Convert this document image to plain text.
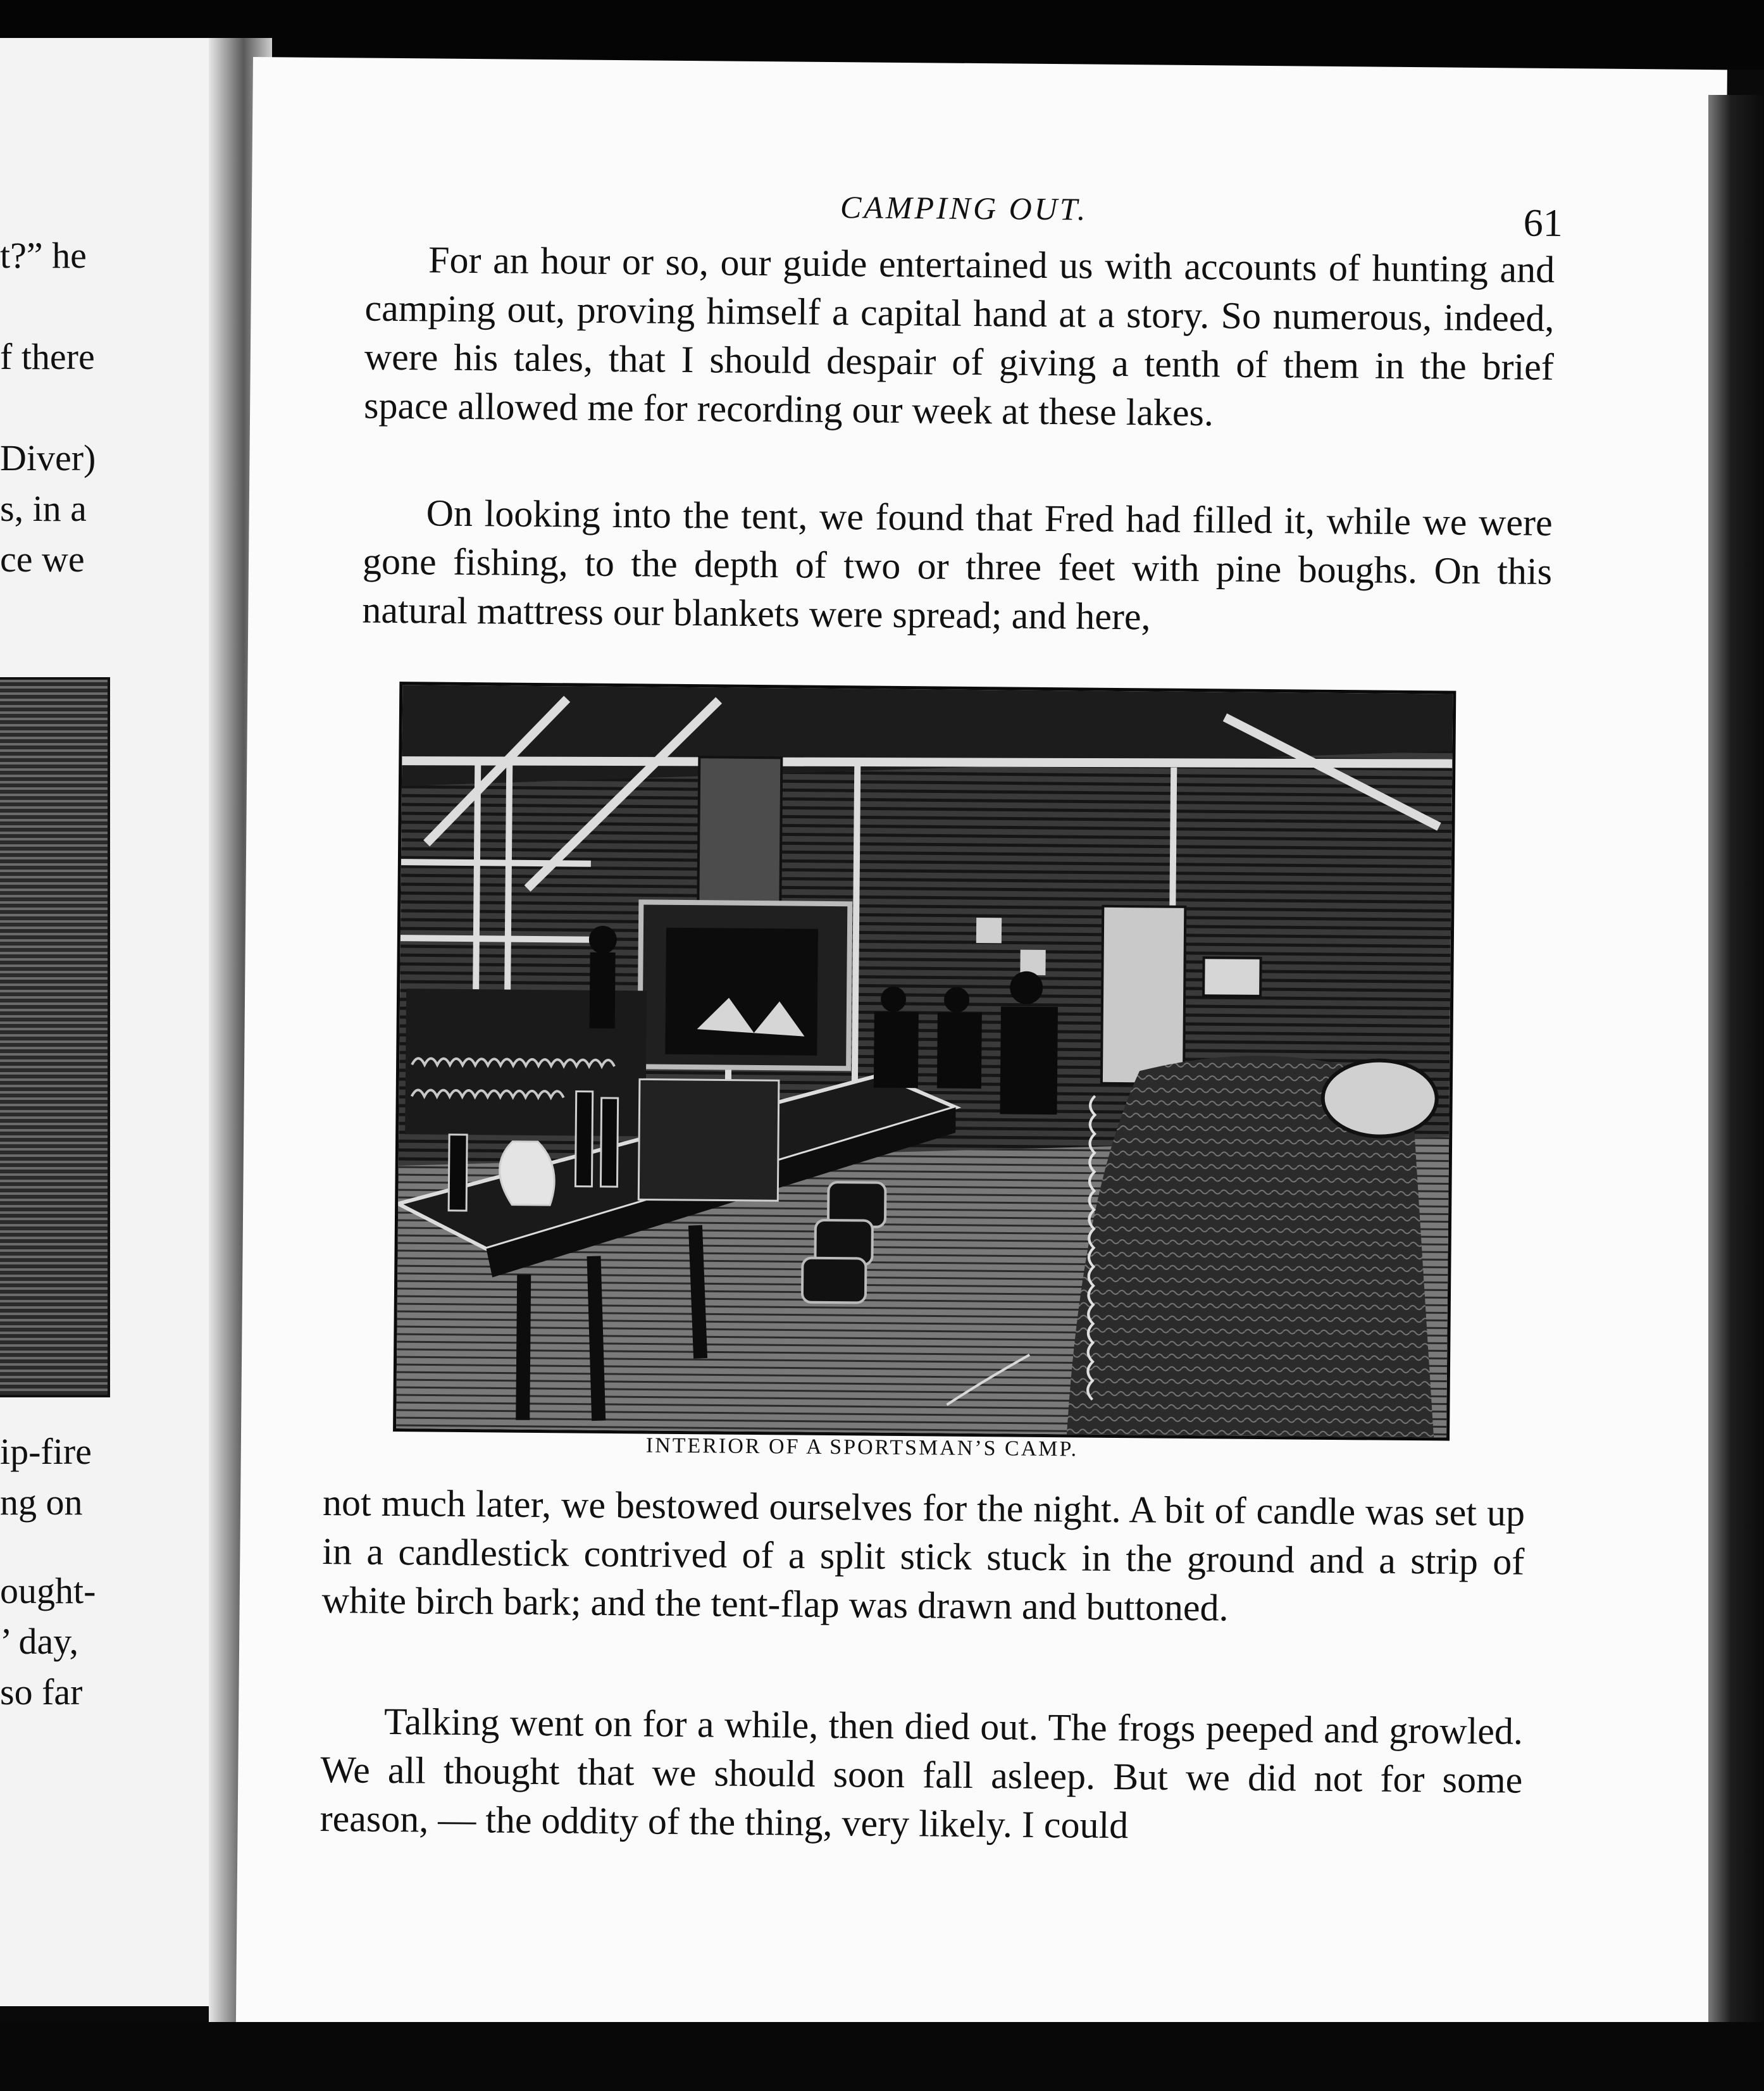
t?” he
f there
Diver)
s, in a
ce we
ip-fire
ng on
ought-
’ day,
so far
CAMPING OUT.	61

For an hour or so, our guide entertained us with accounts of hunting and camping out, proving himself a capital hand at a story. So numerous, indeed, were his tales, that I should despair of giving a tenth of them in the brief space allowed me for recording our week at these lakes.

On looking into the tent, we found that Fred had filled it, while we were gone fishing, to the depth of two or three feet with pine boughs. On this natural mattress our blankets were spread; and here,

INTERIOR OF A SPORTSMAN’S CAMP.

not much later, we bestowed ourselves for the night. A bit of candle was set up in a candlestick contrived of a split stick stuck in the ground and a strip of white birch bark; and the tent-flap was drawn and buttoned.

Talking went on for a while, then died out. The frogs peeped and growled. We all thought that we should soon fall asleep. But we did not for some reason, — the oddity of the thing, very likely. I could
